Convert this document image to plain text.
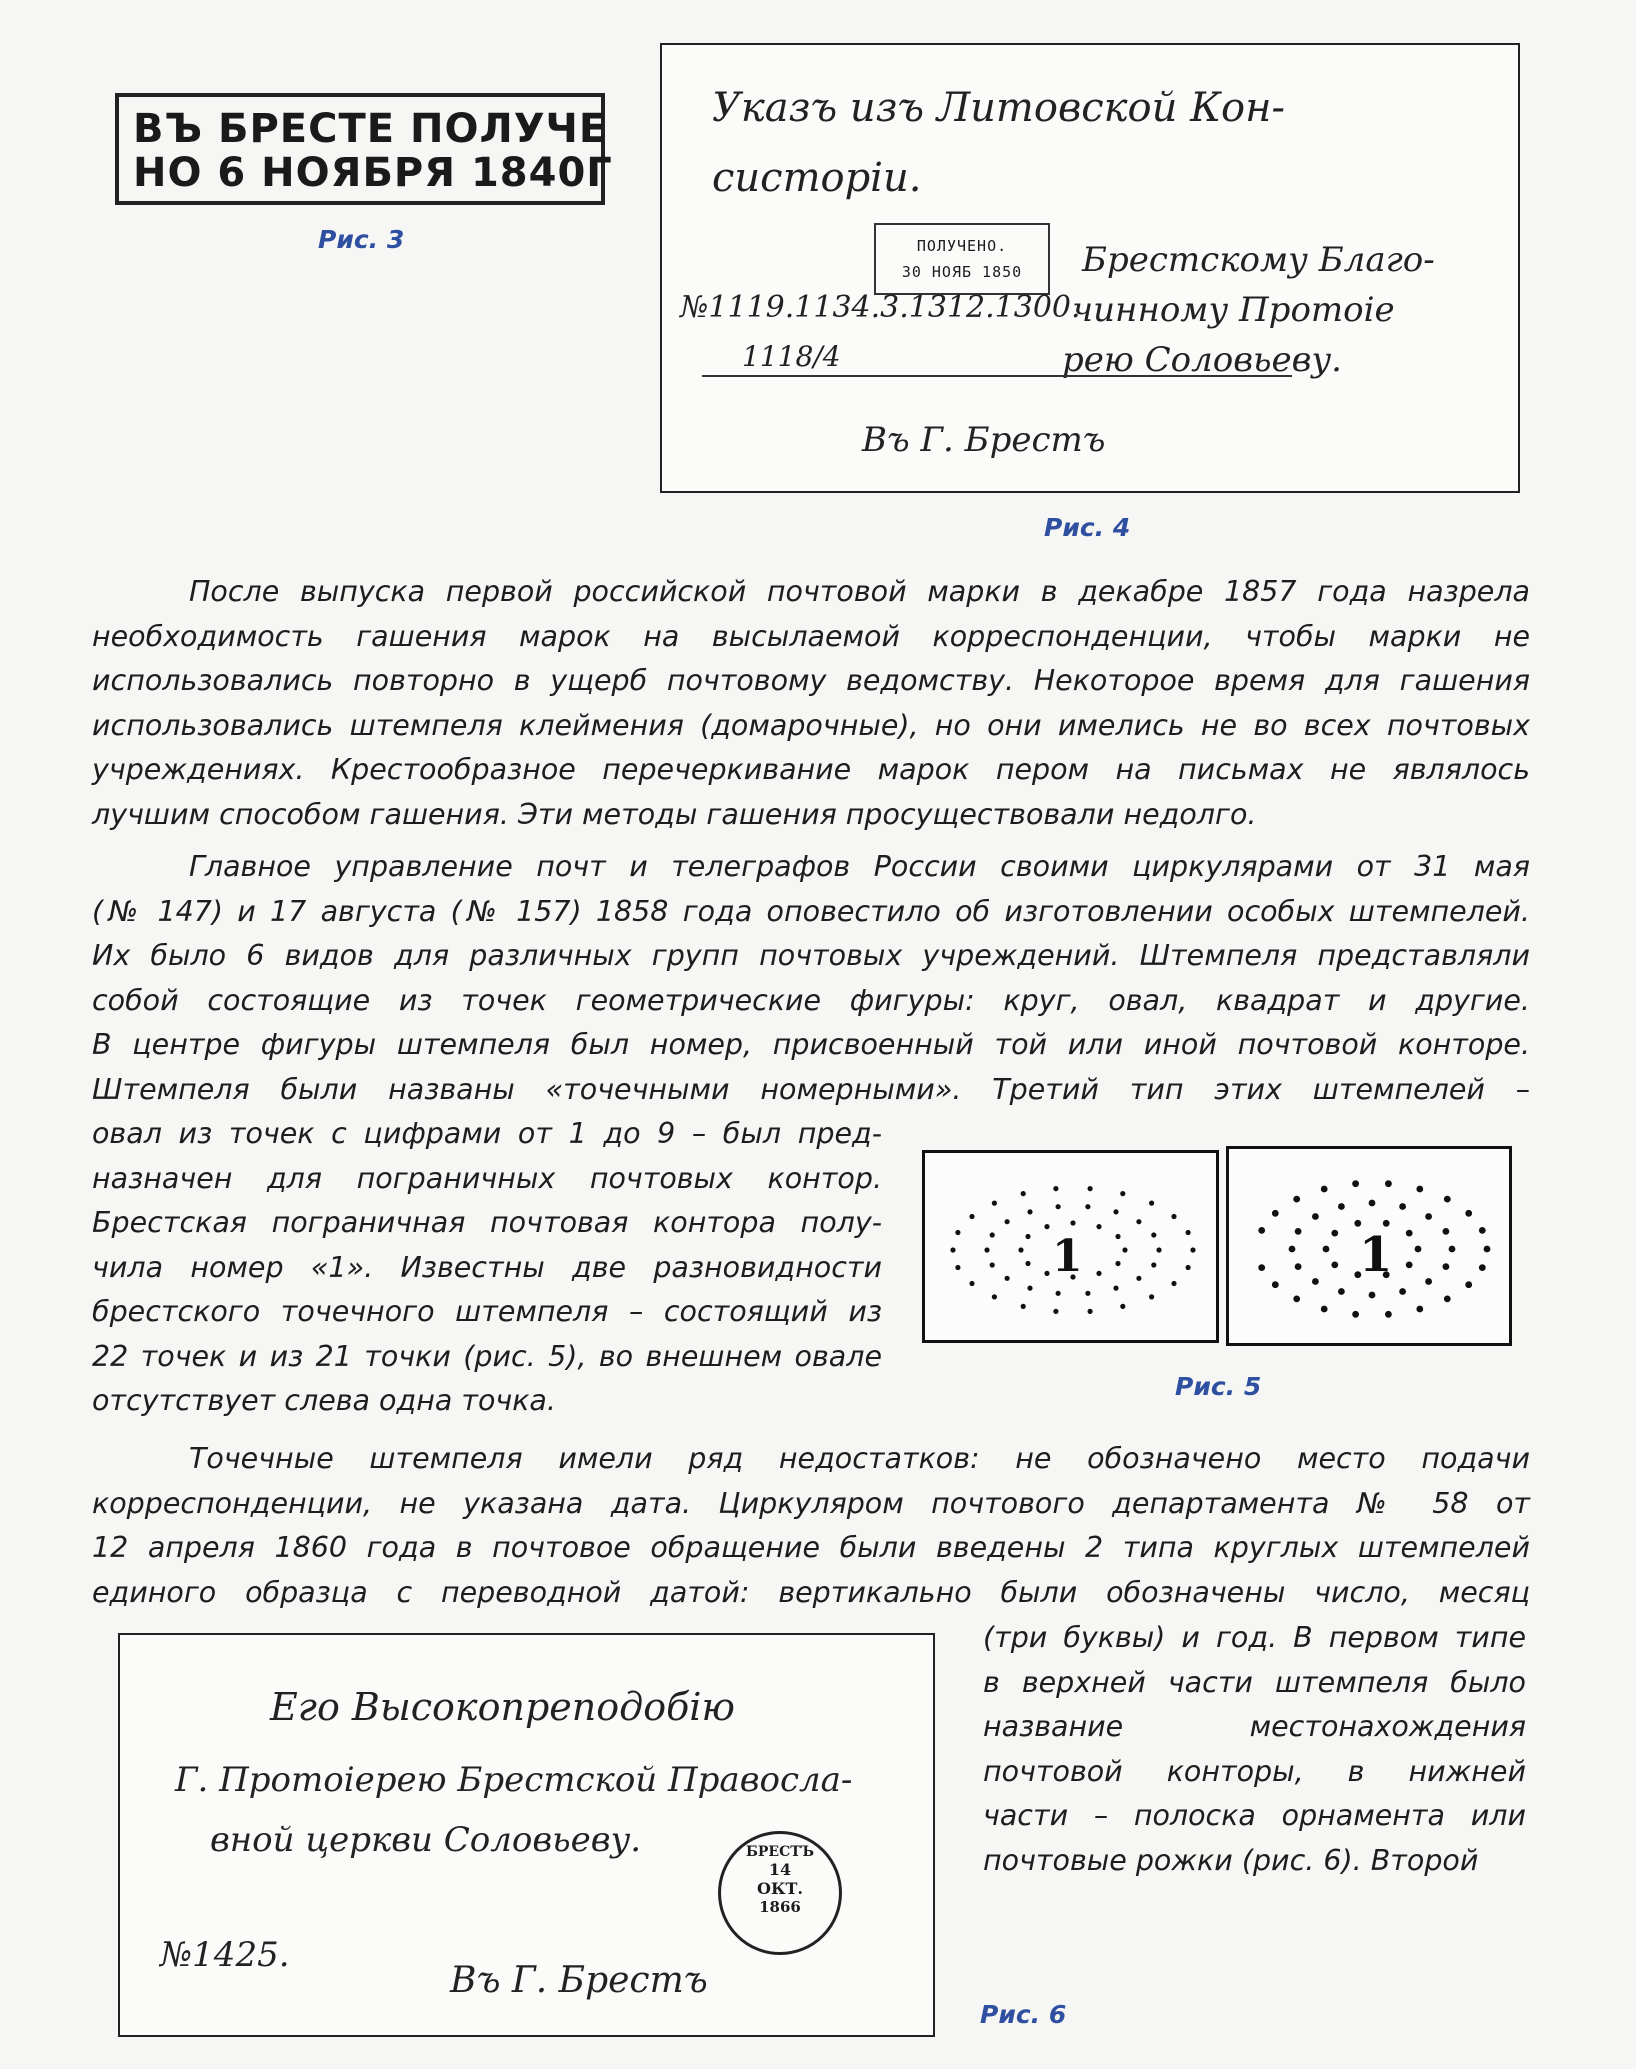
ВЪ БРЕСТЕ ПОЛУЧЕ
НО 6 НОЯБРЯ 1840Г
Рис. 3
Указъ изъ Литовской Кон-
систорiи.
ПОЛУЧЕНО.
30 НОЯБ 1850	Брестскому Благо-
чинному Протоiе
рею Соловьеву.
№1119.1134.3.1312.1300.
1118/4
Въ Г. Брестъ
Рис. 4

После выпуска первой российской почтовой марки в декабре 1857 года назрела

необходимость гашения марок на высылаемой корреспонденции, чтобы марки не

использовались повторно в ущерб почтовому ведомству. Некоторое время для гашения

использовались штемпеля клеймения (домарочные), но они имелись не во всех почтовых

учреждениях. Крестообразное перечеркивание марок пером на письмах не являлось

лучшим способом гашения. Эти методы гашения просуществовали недолго.

Главное управление почт и телеграфов России своими циркулярами от 31 мая

(№ 147) и 17 августа (№ 157) 1858 года оповестило об изготовлении особых штемпелей.

Их было 6 видов для различных групп почтовых учреждений. Штемпеля представляли

собой состоящие из точек геометрические фигуры: круг, овал, квадрат и другие.

В центре фигуры штемпеля был номер, присвоенный той или иной почтовой конторе.

Штемпеля были названы «точечными номерными». Третий тип этих штемпелей –

овал из точек с цифрами от 1 до 9 – был пред-

назначен для пограничных почтовых контор.

Брестская пограничная почтовая контора полу-

чила номер «1». Известны две разновидности

брестского точечного штемпеля – состоящий из

22 точек и из 21 точки (рис. 5), во внешнем овале

отсутствует слева одна точка.

1	1
Рис. 5

Точечные штемпеля имели ряд недостатков: не обозначено место подачи

корреспонденции, не указана дата. Циркуляром почтового департамента № 58 от

12 апреля 1860 года в почтовое обращение были введены 2 типа круглых штемпелей

единого образца с переводной датой: вертикально были обозначены число, месяц

(три буквы) и год. В первом типе

в верхней части штемпеля было

название местонахождения

почтовой конторы, в нижней

части – полоска орнамента или

почтовые рожки (рис. 6). Второй

Его Высокопреподобiю
Г. Протоiерею Брестской Правосла-
вной церкви Соловьеву.	БРЕСТЪ
14
ОКТ.
1866
№1425.
Въ Г. Брестъ
Рис. 6
